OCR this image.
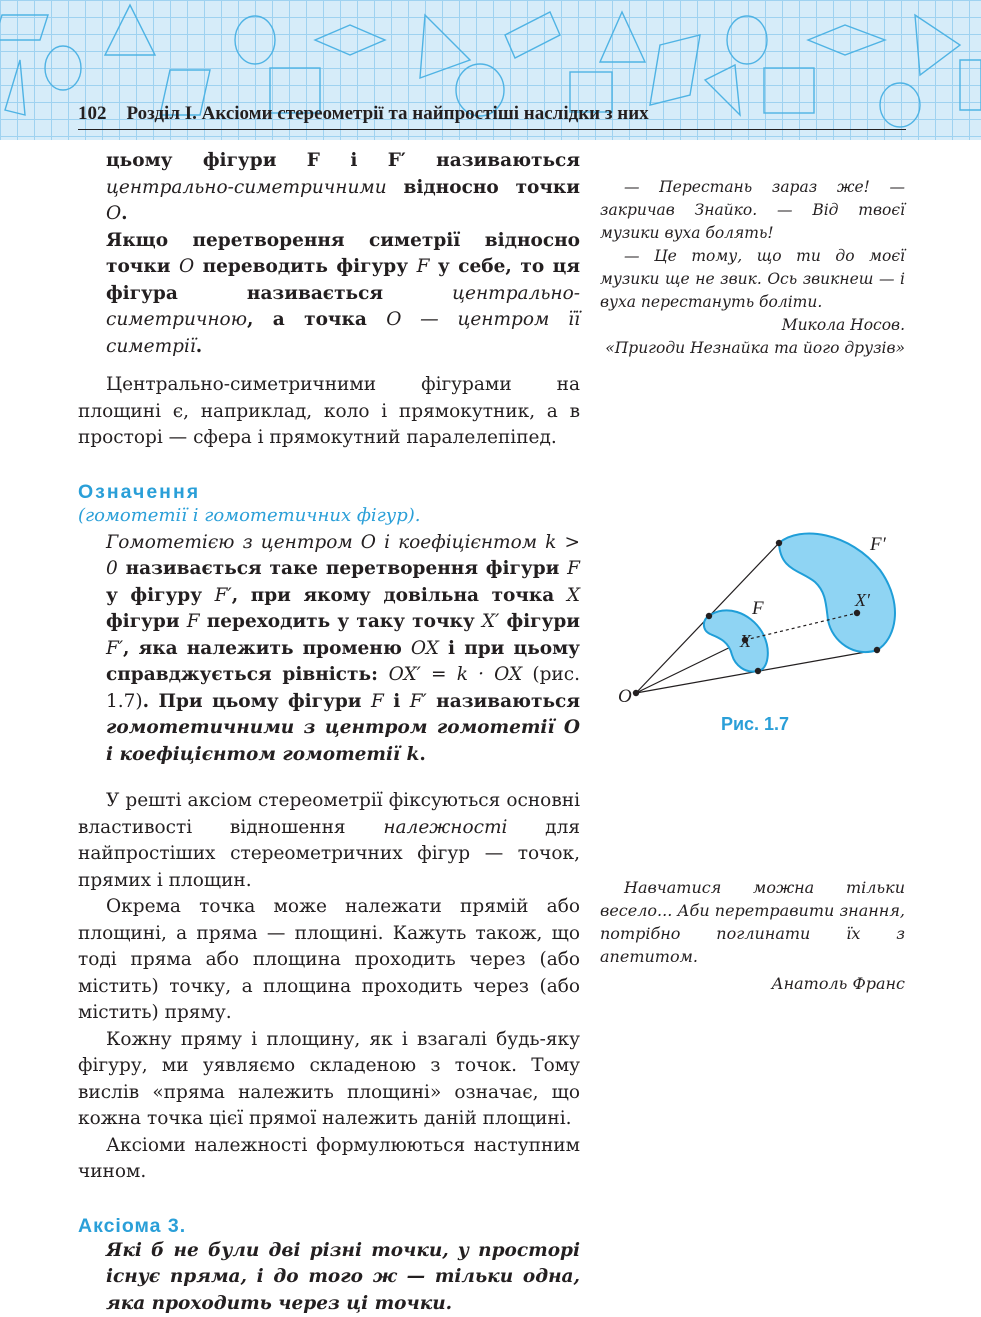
102 Розділ І. Аксіоми стереометрії та найпростіші наслідки з них

цьому фігури F і F′ називаються центрально-симетричними відносно точки O.

Якщо перетворення симетрії відносно точки O переводить фігуру F у себе, то ця фігура називається центрально-симетричною, а точка O — центром її симетрії.

Центрально-симетричними фігурами на площині є, наприклад, коло і прямокутник, а в просторі — сфера і прямокутний паралелепіпед.

Означення
(гомотетії і гомотетичних фігур).
Гомотетією з центром O і коефіцієнтом k > 0 називається таке перетворення фігури F у фігуру F′, при якому довільна точка X фігури F переходить у таку точку X′ фігури F′, яка належить променю OX і при цьому справджується рівність: OX′ = k · OX (рис. 1.7). При цьому фігури F і F′ називаються гомотетичними з центром гомотетії O і коефіцієнтом гомотетії k.

У решті аксіом стереометрії фіксуються основні властивості відношення належності для найпростіших стереометричних фігур — точок, прямих і площин.

Окрема точка може належати прямій або площині, а пряма — площині. Кажуть також, що тоді пряма або площина проходить через (або містить) точку, а площина проходить через (або містить) пряму.

Кожну пряму і площину, як і взагалі будь-яку фігуру, ми уявляємо складеною з точок. Тому вислів «пряма належить площині» означає, що кожна точка цієї прямої належить даній площині.

Аксіоми належності формулюються наступним чином.

Аксіома 3.

Які б не були дві різні точки, у просторі існує пряма, і до того ж — тільки одна, яка проходить через ці точки.

— Перестань зараз же! — закричав Знайко. — Від твоєї музики вуха болять!

— Це тому, що ти до моєї музики ще не звик. Ось звикнеш — і вуха перестануть боліти.

Микола Носов.

«Пригоди Незнайка та його друзів»

O
F
F′
X
X′
Рис. 1.7

Навчатися можна тільки весело... Аби перетравити знання, потрібно поглинати їх з апетитом.

Анатоль Франс
